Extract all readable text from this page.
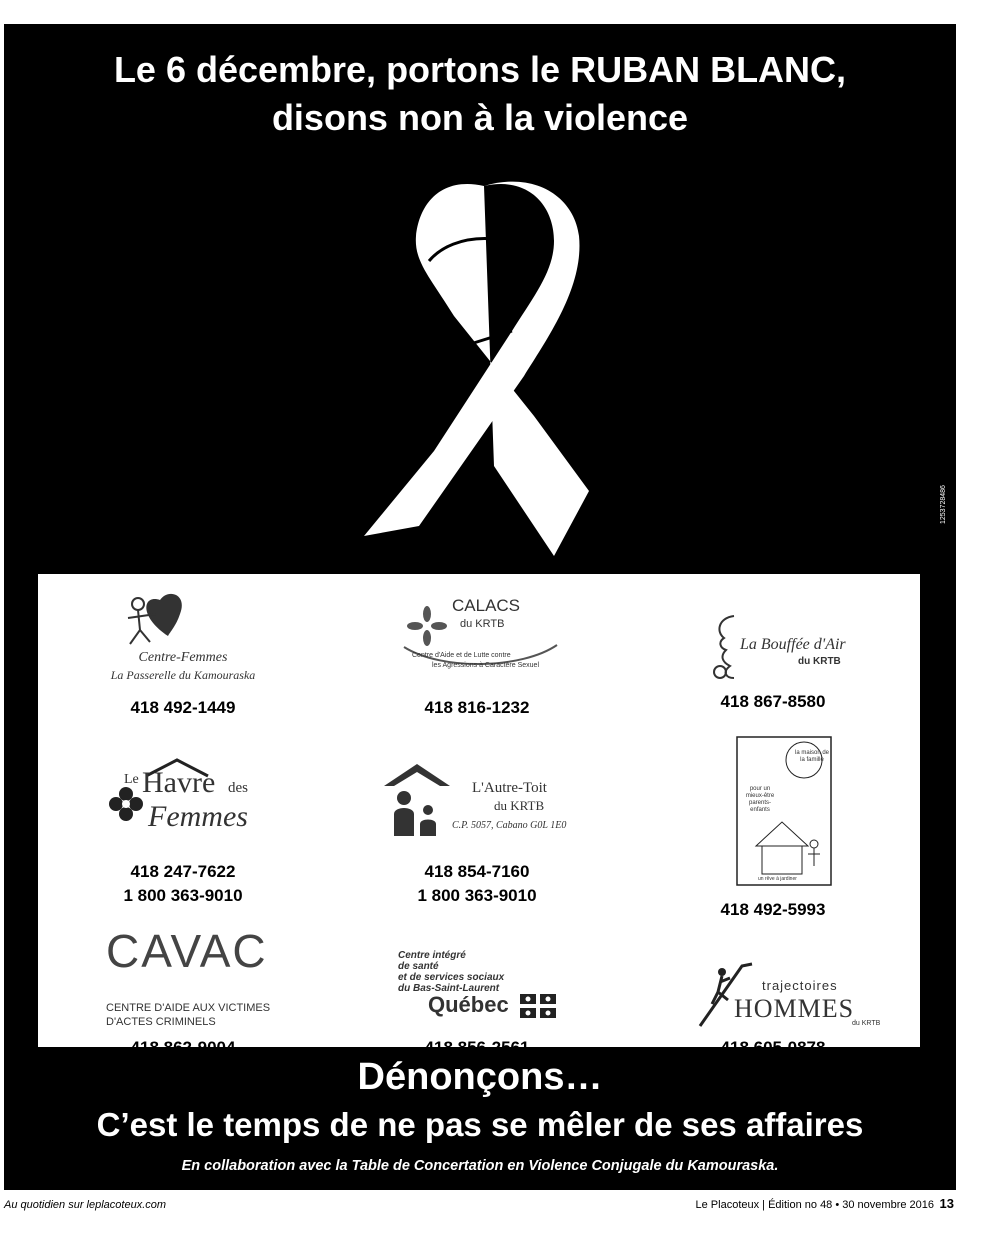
Le 6 décembre, portons le RUBAN BLANC,
disons non à la violence
1253728486
Centre-Femmes
La Passerelle du Kamouraska
418 492-1449
CALACS
du KRTB
Centre d'Aide et de Lutte contre
les Agressions à Caractère Sexuel
418 816-1232
La Bouffée d'Air
du KRTB
418 867-8580
Le Havre des
Femmes
418 247-7622
1 800 363-9010
L'Autre-Toit
du KRTB
C.P. 5057, Cabano G0L 1E0
418 854-7160
1 800 363-9010
la maison de la famille
pour un mieux-être parents-enfants
un rêve à jardiner
418 492-5993
CAVAC
CENTRE D'AIDE AUX VICTIMES
D'ACTES CRIMINELS
418 862-9004
Centre intégré
de santé
et de services sociaux
du Bas-Saint-Laurent
Québec
418 856-2561
trajectoires
HOMMES
du KRTB
418 605-0878
Dénonçons…
C’est le temps de ne pas se mêler de ses affaires
En collaboration avec la Table de Concertation en Violence Conjugale du Kamouraska.
Au quotidien sur leplacoteux.com	Le Placoteux | Édition no 48 • 30 novembre 2016 13
